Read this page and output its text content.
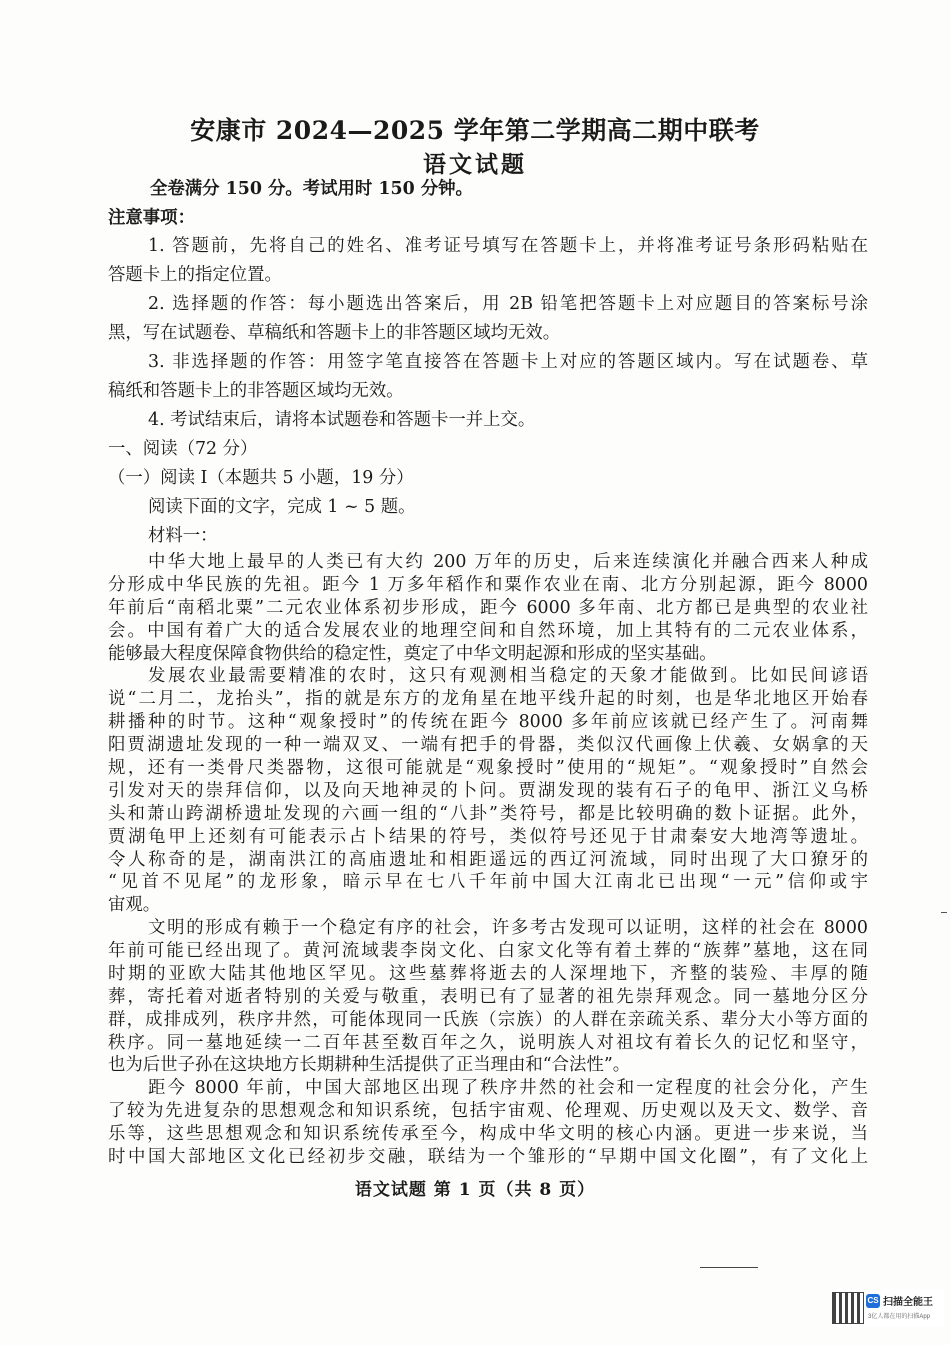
安康市 2024—2025 学年第二学期高二期中联考
语文试题
全卷满分 150 分。考试用时 150 分钟。
注意事项：
1. 答题前，先将自己的姓名、准考证号填写在答题卡上，并将准考证号条形码粘贴在
答题卡上的指定位置。
2. 选择题的作答：每小题选出答案后，用 2B 铅笔把答题卡上对应题目的答案标号涂
黑，写在试题卷、草稿纸和答题卡上的非答题区域均无效。
3. 非选择题的作答：用签字笔直接答在答题卡上对应的答题区域内。写在试题卷、草
稿纸和答题卡上的非答题区域均无效。
4. 考试结束后，请将本试题卷和答题卡一并上交。
一、阅读（72 分）
（一）阅读 I（本题共 5 小题，19 分）
阅读下面的文字，完成 1 ~ 5 题。
材料一：
中华大地上最早的人类已有大约 200 万年的历史，后来连续演化并融合西来人种成
分形成中华民族的先祖。距今 1 万多年稻作和粟作农业在南、北方分别起源，距今 8000
年前后“南稻北粟”二元农业体系初步形成，距今 6000 多年南、北方都已是典型的农业社
会。中国有着广大的适合发展农业的地理空间和自然环境，加上其特有的二元农业体系，
能够最大程度保障食物供给的稳定性，奠定了中华文明起源和形成的坚实基础。
发展农业最需要精准的农时，这只有观测相当稳定的天象才能做到。比如民间谚语
说“二月二，龙抬头”，指的就是东方的龙角星在地平线升起的时刻，也是华北地区开始春
耕播种的时节。这种“观象授时”的传统在距今 8000 多年前应该就已经产生了。河南舞
阳贾湖遗址发现的一种一端双叉、一端有把手的骨器，类似汉代画像上伏羲、女娲拿的天
规，还有一类骨尺类器物，这很可能就是“观象授时”使用的“规矩”。“观象授时”自然会
引发对天的崇拜信仰，以及向天地神灵的卜问。贾湖发现的装有石子的龟甲、浙江义乌桥
头和萧山跨湖桥遗址发现的六画一组的“八卦”类符号，都是比较明确的数卜证据。此外，
贾湖龟甲上还刻有可能表示占卜结果的符号，类似符号还见于甘肃秦安大地湾等遗址。
令人称奇的是，湖南洪江的高庙遗址和相距遥远的西辽河流域，同时出现了大口獠牙的
“见首不见尾”的龙形象，暗示早在七八千年前中国大江南北已出现“一元”信仰或宇
宙观。
文明的形成有赖于一个稳定有序的社会，许多考古发现可以证明，这样的社会在 8000
年前可能已经出现了。黄河流域裴李岗文化、白家文化等有着土葬的“族葬”墓地，这在同
时期的亚欧大陆其他地区罕见。这些墓葬将逝去的人深埋地下，齐整的装殓、丰厚的随
葬，寄托着对逝者特别的关爱与敬重，表明已有了显著的祖先崇拜观念。同一墓地分区分
群，成排成列，秩序井然，可能体现同一氏族（宗族）的人群在亲疏关系、辈分大小等方面的
秩序。同一墓地延续一二百年甚至数百年之久，说明族人对祖坟有着长久的记忆和坚守，
也为后世子孙在这块地方长期耕种生活提供了正当理由和“合法性”。
距今 8000 年前，中国大部地区出现了秩序井然的社会和一定程度的社会分化，产生
了较为先进复杂的思想观念和知识系统，包括宇宙观、伦理观、历史观以及天文、数学、音
乐等，这些思想观念和知识系统传承至今，构成中华文明的核心内涵。更进一步来说，当
时中国大部地区文化已经初步交融，联结为一个雏形的“早期中国文化圈”，有了文化上
语文试题 第 1 页（共 8 页）
CS 扫描全能王
3亿人都在用的扫描App
